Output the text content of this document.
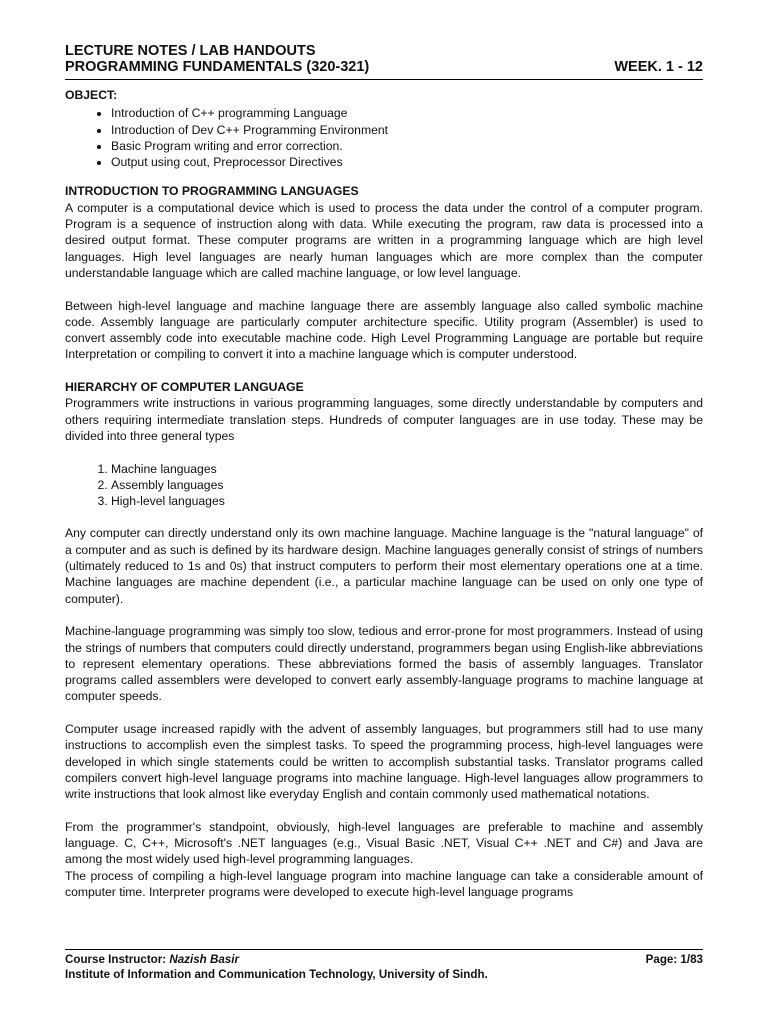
LECTURE NOTES / LAB HANDOUTS
PROGRAMMING FUNDAMENTALS (320-321)	WEEK. 1 - 12

OBJECT:

• Introduction of C++ programming Language
• Introduction of Dev C++ Programming Environment
• Basic Program writing and error correction.
• Output using cout, Preprocessor Directives

INTRODUCTION TO PROGRAMMING LANGUAGES

A computer is a computational device which is used to process the data under the control of a computer program. Program is a sequence of instruction along with data. While executing the program, raw data is processed into a desired output format. These computer programs are written in a programming language which are high level languages. High level languages are nearly human languages which are more complex than the computer understandable language which are called machine language, or low level language.

Between high-level language and machine language there are assembly language also called symbolic machine code. Assembly language are particularly computer architecture specific. Utility program (Assembler) is used to convert assembly code into executable machine code. High Level Programming Language are portable but require Interpretation or compiling to convert it into a machine language which is computer understood.

HIERARCHY OF COMPUTER LANGUAGE

Programmers write instructions in various programming languages, some directly understandable by computers and others requiring intermediate translation steps. Hundreds of computer languages are in use today. These may be divided into three general types

1. Machine languages
2. Assembly languages
3. High-level languages

Any computer can directly understand only its own machine language. Machine language is the "natural language" of a computer and as such is defined by its hardware design. Machine languages generally consist of strings of numbers (ultimately reduced to 1s and 0s) that instruct computers to perform their most elementary operations one at a time. Machine languages are machine dependent (i.e., a particular machine language can be used on only one type of computer).

Machine-language programming was simply too slow, tedious and error-prone for most programmers. Instead of using the strings of numbers that computers could directly understand, programmers began using English-like abbreviations to represent elementary operations. These abbreviations formed the basis of assembly languages. Translator programs called assemblers were developed to convert early assembly-language programs to machine language at computer speeds.

Computer usage increased rapidly with the advent of assembly languages, but programmers still had to use many instructions to accomplish even the simplest tasks. To speed the programming process, high-level languages were developed in which single statements could be written to accomplish substantial tasks. Translator programs called compilers convert high-level language programs into machine language. High-level languages allow programmers to write instructions that look almost like everyday English and contain commonly used mathematical notations.

From the programmer's standpoint, obviously, high-level languages are preferable to machine and assembly language. C, C++, Microsoft's .NET languages (e.g., Visual Basic .NET, Visual C++ .NET and C#) and Java are among the most widely used high-level programming languages.

The process of compiling a high-level language program into machine language can take a considerable amount of computer time. Interpreter programs were developed to execute high-level language programs

Course Instructor: Nazish Basir	Page: 1/83
Institute of Information and Communication Technology, University of Sindh.
